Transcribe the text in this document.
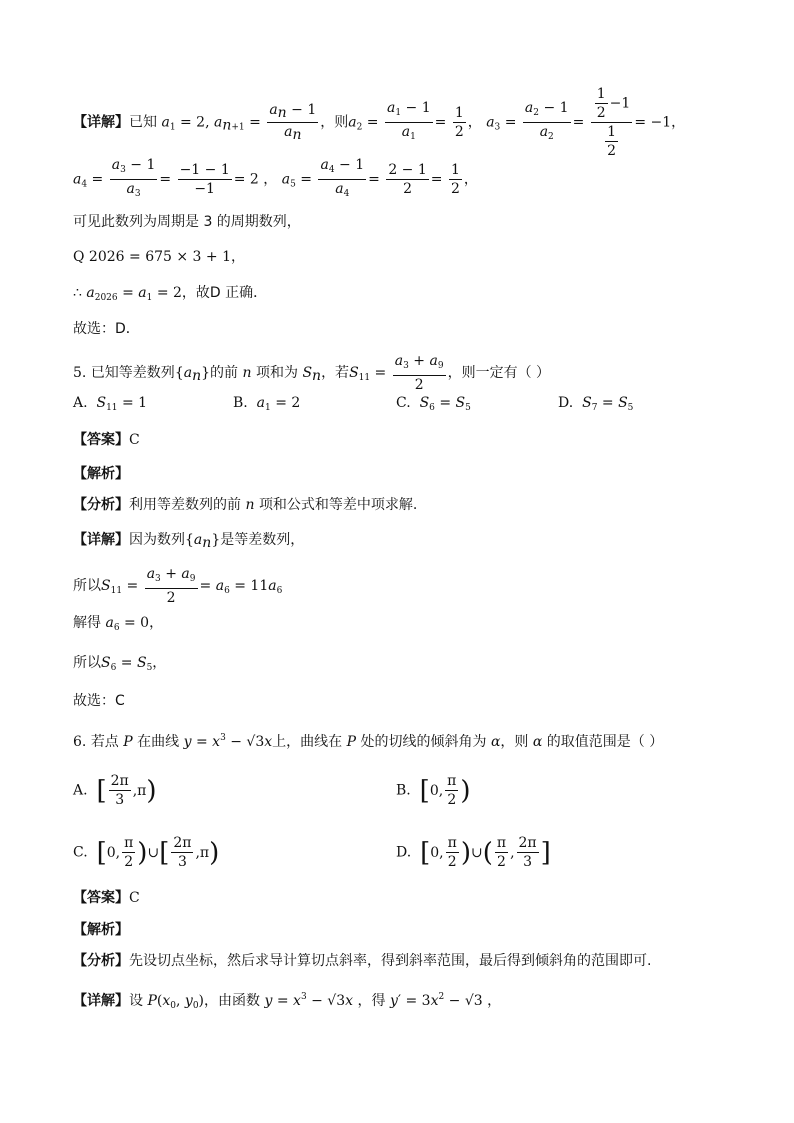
【详解】已知 $a_1 = 2$, $a_{n+1} = \frac{a_n - 1}{a_n}$ ，则$a_2 = \frac{a_1 - 1}{a_1} = \frac{1}{2}$ ， $a_3 = \frac{a_2 - 1}{a_2} = \frac{\frac{1}{2} -1}{\frac{1}{2}} = -1$，
$a_4 = \frac{a_3 - 1}{a_3} = \frac{-1 - 1}{-1} = 2$ ， $a_5 = \frac{a_4 - 1}{a_4} = \frac{2 - 1}{2} = \frac{1}{2}$ ，
可见此数列为周期是 3 的周期数列，
Q 2026 = 675 × 3 + 1，
∴ $a_{2026} = a_1 = 2$，故D 正确．
故选：D．
5. 已知等差数列$\{a_n\}$的前 n 项和为 $S_n$，若$S_{11} = \frac{a_3 + a_9}{2}$ ，则一定有（ ）
A. $S_{11} = 1$	B. $a_1 = 2$	C. $S_6 = S_5$	D. $S_7 = S_5$
【答案】C
【解析】
【分析】利用等差数列的前 n 项和公式和等差中项求解.
【详解】因为数列$\{a_n\}$是等差数列，
所以$S_{11} = \frac{a_3 + a_9}{2} = a_6 = 11a_6$
解得 $a_6 = 0$，
所以$S_6 = S_5$，
故选：C
6. 若点 P 在曲线 $y = x^3 - √3x$上，曲线在 P 处的切线的倾斜角为 α，则 α 的取值范围是（ ）
A. [ $\frac{2\pi}{3} ,\pi$ )	B. [ 0, $\frac{\pi}{2}$ )
C. [ 0, $\frac{\pi}{2}$ ) ∪ [ $\frac{2\pi}{3} ,\pi$ )	D. [ 0, $\frac{\pi}{2}$ ) ∪ ( $\frac{\pi}{2}$ , $\frac{2\pi}{3}$ ]
【答案】C
【解析】
【分析】先设切点坐标，然后求导计算切点斜率，得到斜率范围，最后得到倾斜角的范围即可.
【详解】设 $P(x_0$, $y_0$)，由函数 $y = x^3 - √3x$ ，得 $y' = 3x^2 - √3$ ，
